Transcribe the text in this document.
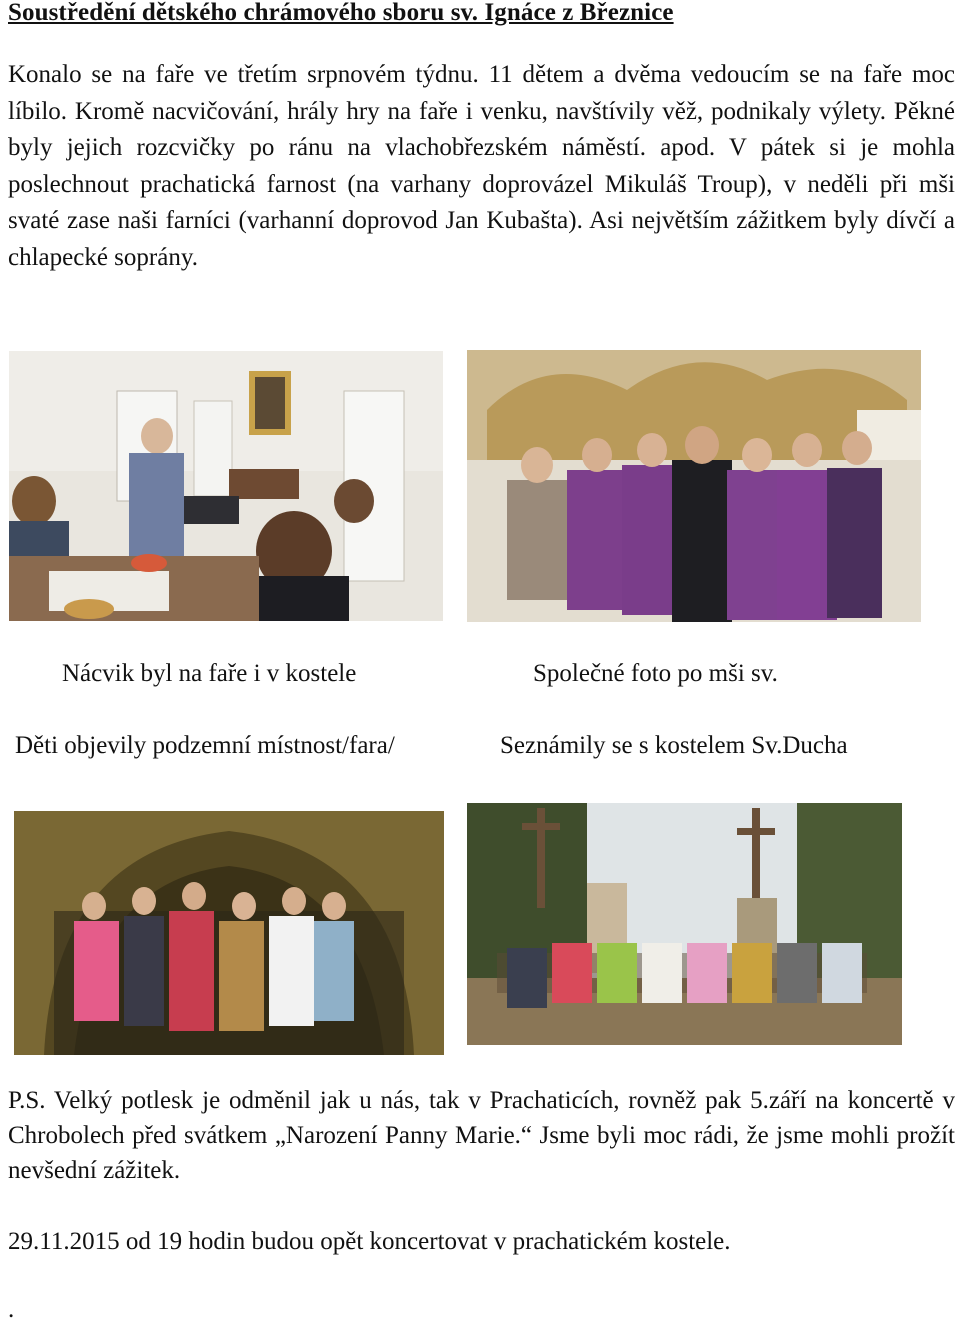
Soustředění dětského chrámového sboru sv. Ignáce z Březnice

Konalo se na faře ve třetím srpnovém týdnu. 11 dětem a dvěma vedoucím se na faře moc líbilo. Kromě nacvičování, hrály hry na faře i venku, navštívily věž, podnikaly výlety. Pěkné byly jejich rozcvičky po ránu na vlachobřezském náměstí. apod. V pátek si je mohla poslechnout prachatická farnost (na varhany doprovázel Mikuláš Troup), v neděli při mši svaté zase naši farníci (varhanní doprovod Jan Kubašta). Asi největším zážitkem byly dívčí a chlapecké soprány.

Nácvik byl na faře i v kostele	Společné foto po mši sv.

Děti objevily podzemní místnost/fara/	Seznámily se s kostelem Sv.Ducha

P.S. Velký potlesk je odměnil jak u nás, tak v Prachaticích, rovněž pak 5.září na koncertě v Chrobolech před svátkem „Narození Panny Marie.“ Jsme byli moc rádi, že jsme mohli prožít nevšední zážitek.

29.11.2015 od 19 hodin budou opět koncertovat v prachatickém kostele.

.
